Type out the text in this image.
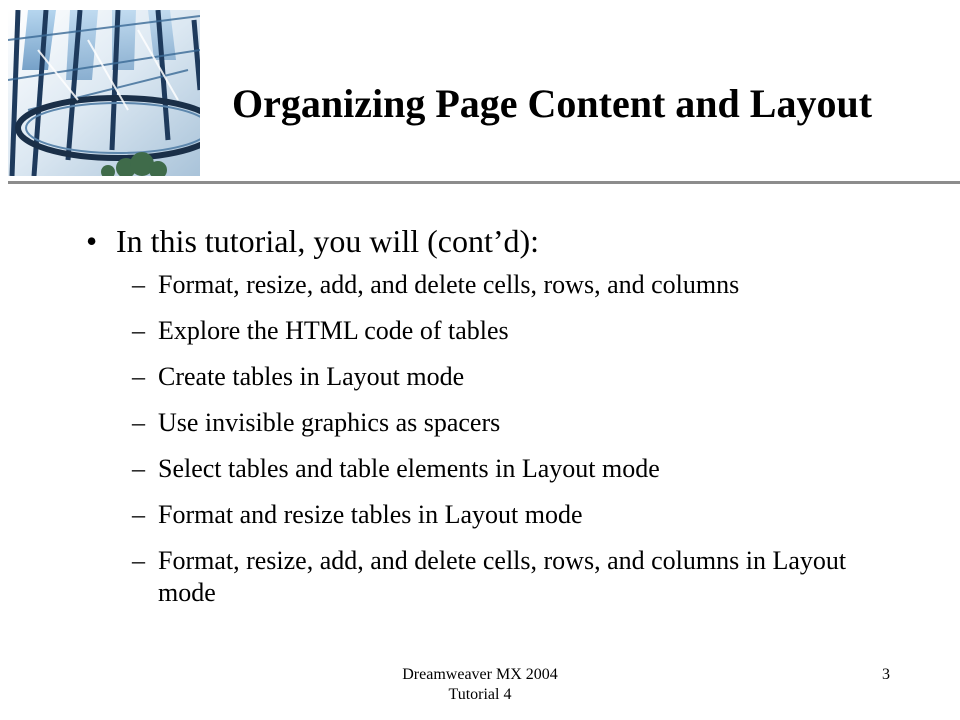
Organizing Page Content and Layout
• In this tutorial, you will (cont’d):
– Format, resize, add, and delete cells, rows, and columns
– Explore the HTML code of tables
– Create tables in Layout mode
– Use invisible graphics as spacers
– Select tables and table elements in Layout mode
– Format and resize tables in Layout mode
– Format, resize, add, and delete cells, rows, and columns in Layout mode
Dreamweaver MX 2004
Tutorial 4
3
